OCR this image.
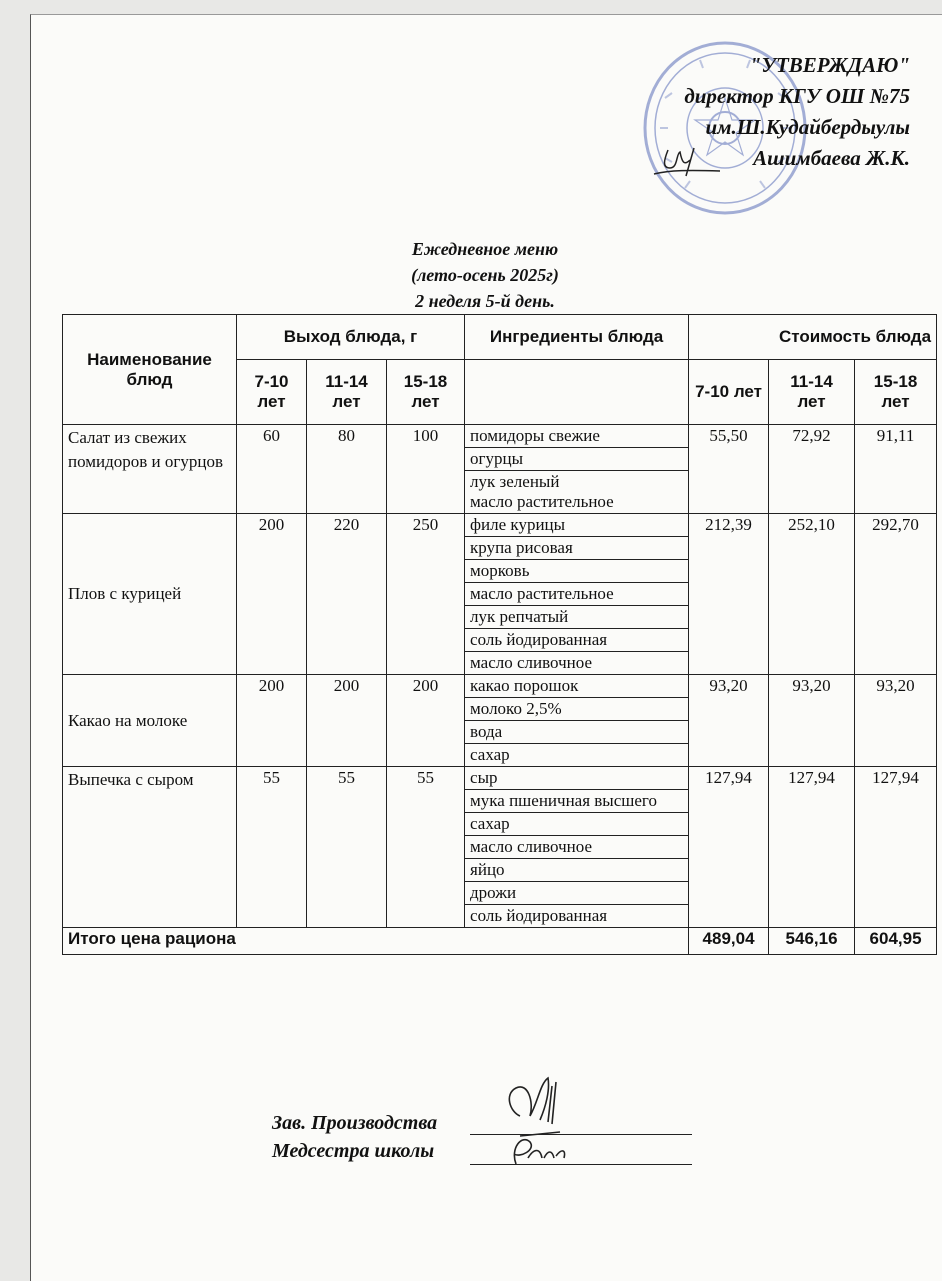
"УТВЕРЖДАЮ"
директор КГУ ОШ №75
им.Ш.Кудайбердыулы
Ашимбаева Ж.К.
Ежедневное меню
(лето-осень 2025г)
2 неделя 5-й день.
Наименование блюд	Выход блюда, г			Ингредиенты блюда	Стоимость блюда		
	7-10 лет	11-14 лет	15-18 лет		7-10 лет	11-14 лет	15-18 лет
Салат из свежих помидоров и огурцов	60	80	100	помидоры свежие	55,50	72,92	91,11
				огурцы			
				лук зеленый
масло растительное			
Плов с курицей	200	220	250	филе курицы	212,39	252,10	292,70
				крупа рисовая			
				морковь			
				масло растительное			
				лук репчатый			
				соль йодированная			
				масло сливочное			
Какао на молоке	200	200	200	какао порошок	93,20	93,20	93,20
				молоко 2,5%			
				вода			
				сахар			
Выпечка с сыром	55	55	55	сыр	127,94	127,94	127,94
				мука пшеничная высшего			
				сахар			
				масло сливочное			
				яйцо			
				дрожи			
				соль йодированная			
Итого цена рациона					489,04	546,16	604,95
Зав. Производства
Медсестра школы
